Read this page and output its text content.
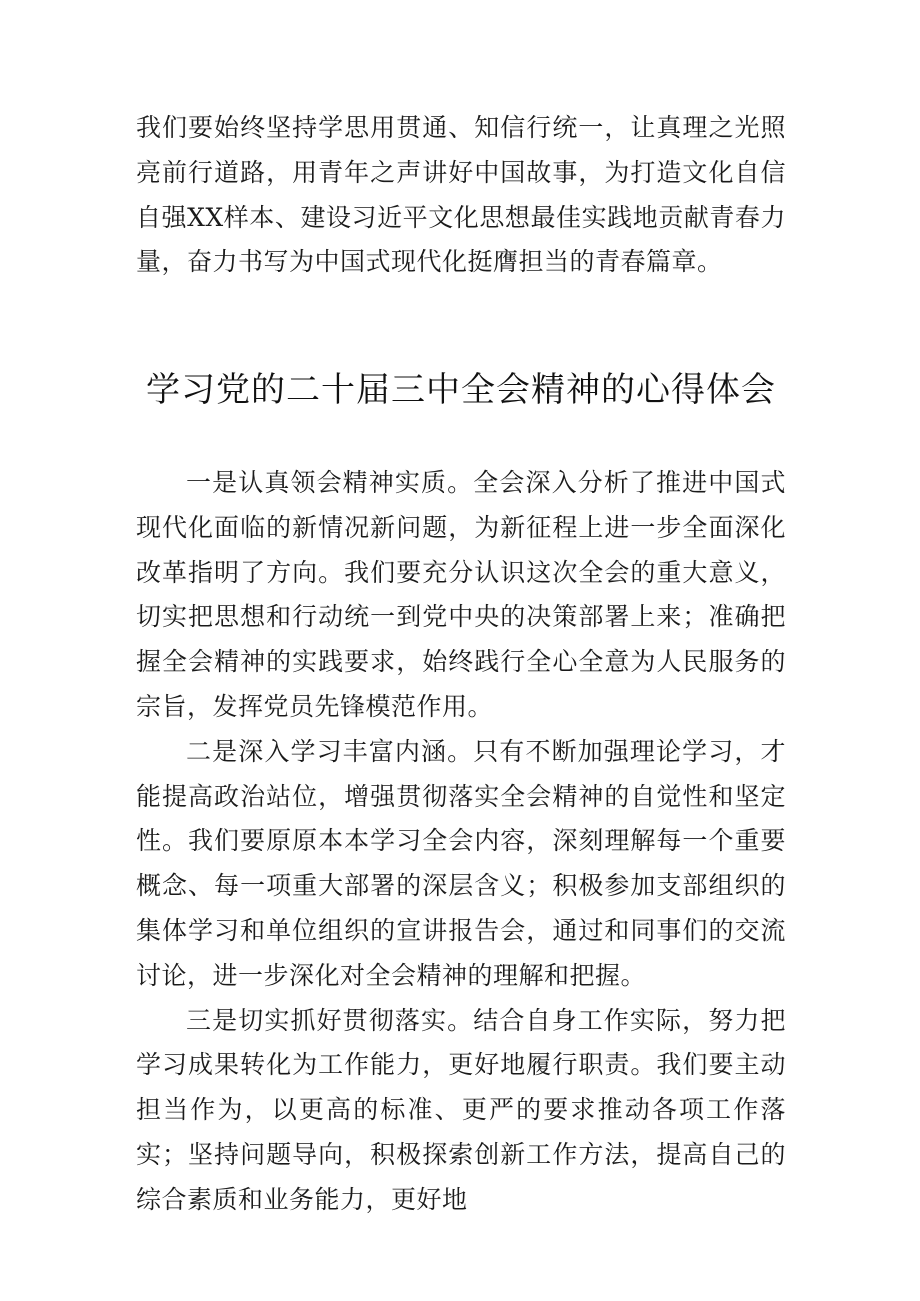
我们要始终坚持学思用贯通、知信行统一，让真理之光照亮前行道路，用青年之声讲好中国故事，为打造文化自信自强XX样本、建设习近平文化思想最佳实践地贡献青春力量，奋力书写为中国式现代化挺膺担当的青春篇章。

学习党的二十届三中全会精神的心得体会

一是认真领会精神实质。全会深入分析了推进中国式现代化面临的新情况新问题，为新征程上进一步全面深化改革指明了方向。我们要充分认识这次全会的重大意义，切实把思想和行动统一到党中央的决策部署上来；准确把握全会精神的实践要求，始终践行全心全意为人民服务的宗旨，发挥党员先锋模范作用。

二是深入学习丰富内涵。只有不断加强理论学习，才能提高政治站位，增强贯彻落实全会精神的自觉性和坚定性。我们要原原本本学习全会内容，深刻理解每一个重要概念、每一项重大部署的深层含义；积极参加支部组织的集体学习和单位组织的宣讲报告会，通过和同事们的交流讨论，进一步深化对全会精神的理解和把握。

三是切实抓好贯彻落实。结合自身工作实际，努力把学习成果转化为工作能力，更好地履行职责。我们要主动担当作为，以更高的标准、更严的要求推动各项工作落实；坚持问题导向，积极探索创新工作方法，提高自己的综合素质和业务能力，更好地
